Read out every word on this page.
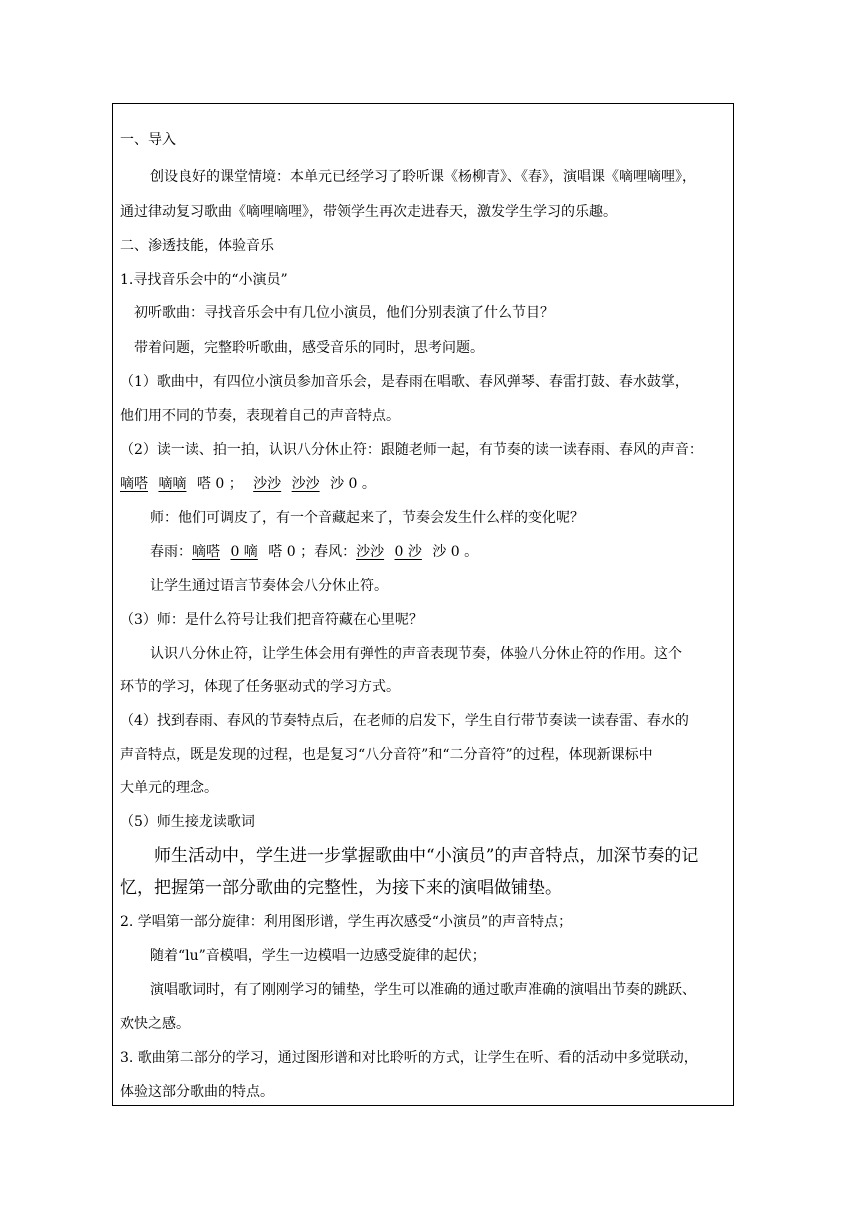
一、导入
创设良好的课堂情境：本单元已经学习了聆听课《杨柳青》、《春》，演唱课《嘀哩嘀哩》，
通过律动复习歌曲《嘀哩嘀哩》，带领学生再次走进春天，激发学生学习的乐趣。
二、渗透技能，体验音乐
1.寻找音乐会中的“小演员”
初听歌曲：寻找音乐会中有几位小演员，他们分别表演了什么节目？
带着问题，完整聆听歌曲，感受音乐的同时，思考问题。
（1）歌曲中，有四位小演员参加音乐会，是春雨在唱歌、春风弹琴、春雷打鼓、春水鼓掌，
他们用不同的节奏，表现着自己的声音特点。
（2）读一读、拍一拍，认识八分休止符：跟随老师一起，有节奏的读一读春雨、春风的声音：
嘀嗒 嘀嘀 嗒 0 ； 沙沙 沙沙 沙 0 。
师：他们可调皮了，有一个音藏起来了，节奏会发生什么样的变化呢？
春雨：嘀嗒 0 嘀 嗒 0 ；春风：沙沙 0 沙 沙 0 。
让学生通过语言节奏体会八分休止符。
（3）师：是什么符号让我们把音符藏在心里呢？
认识八分休止符，让学生体会用有弹性的声音表现节奏，体验八分休止符的作用。这个
环节的学习，体现了任务驱动式的学习方式。
（4）找到春雨、春风的节奏特点后，在老师的启发下，学生自行带节奏读一读春雷、春水的
声音特点，既是发现的过程，也是复习“八分音符”和“二分音符”的过程，体现新课标中
大单元的理念。
（5）师生接龙读歌词
师生活动中，学生进一步掌握歌曲中“小演员”的声音特点，加深节奏的记
忆，把握第一部分歌曲的完整性，为接下来的演唱做铺垫。
2. 学唱第一部分旋律：利用图形谱，学生再次感受“小演员”的声音特点；
随着“lu”音模唱，学生一边模唱一边感受旋律的起伏；
演唱歌词时，有了刚刚学习的铺垫，学生可以准确的通过歌声准确的演唱出节奏的跳跃、
欢快之感。
3. 歌曲第二部分的学习，通过图形谱和对比聆听的方式，让学生在听、看的活动中多觉联动，
体验这部分歌曲的特点。
